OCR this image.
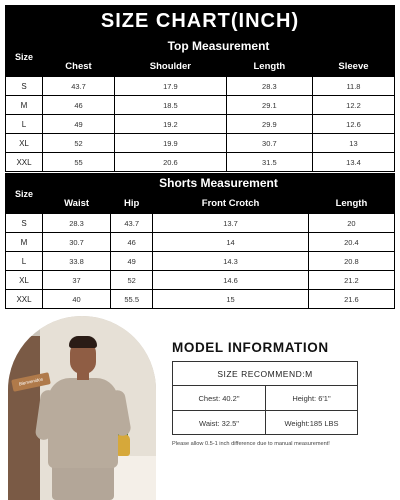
SIZE CHART(INCH)
Size	Top Measurement			
	Chest	Shoulder	Length	Sleeve
S	43.7	17.9	28.3	11.8
M	46	18.5	29.1	12.2
L	49	19.2	29.9	12.6
XL	52	19.9	30.7	13
XXL	55	20.6	31.5	13.4
Size	Shorts Measurement			
	Waist	Hip	Front Crotch	Length
S	28.3	43.7	13.7	20
M	30.7	46	14	20.4
L	33.8	49	14.3	20.8
XL	37	52	14.6	21.2
XXL	40	55.5	15	21.6
Bienvenidos
MODEL INFORMATION
SIZE RECOMMEND:M
Chest: 40.2"	Height: 6'1"
Waist: 32.5"	Weight:185 LBS
Please allow 0.5-1 inch difference due to manual measurement!
